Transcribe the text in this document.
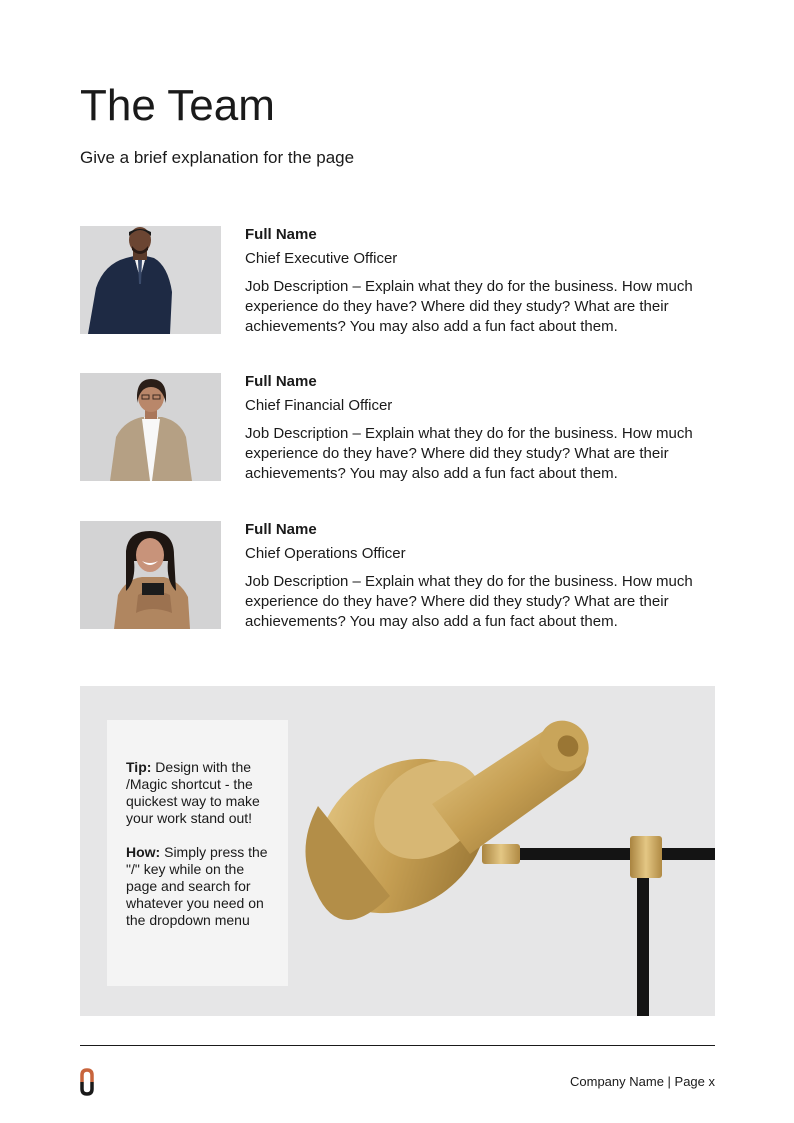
The Team

Give a brief explanation for the page

Full Name

Chief Executive Officer

Job Description – Explain what they do for the business. How much experience do they have? Where did they study? What are their achievements? You may also add a fun fact about them.

Full Name

Chief Financial Officer

Job Description – Explain what they do for the business. How much experience do they have? Where did they study? What are their achievements? You may also add a fun fact about them.

Full Name

Chief Operations Officer

Job Description – Explain what they do for the business. How much experience do they have? Where did they study? What are their achievements? You may also add a fun fact about them.

Tip: Design with the /Magic shortcut - the quickest way to make your work stand out!

How: Simply press the "/" key while on the page and search for whatever you need on the dropdown menu

Company Name | Page x
